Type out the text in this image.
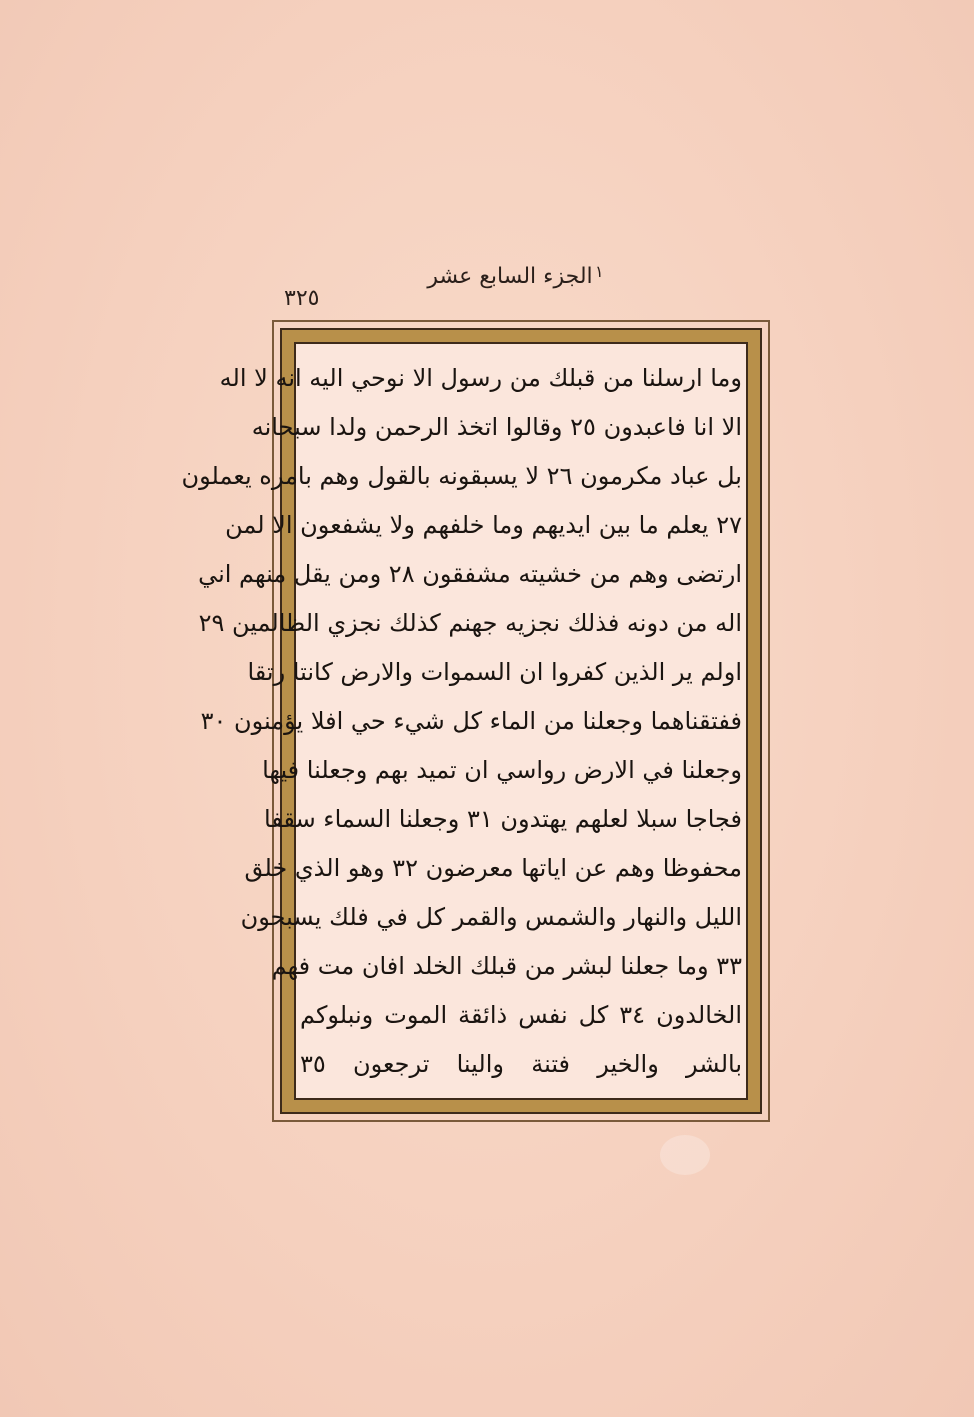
الجزء السابع عشر ١
٣٢٥
وما ارسلنا من قبلك من رسول الا نوحي اليه انه لا اله
الا انا فاعبدون ٢٥ وقالوا اتخذ الرحمن ولدا سبحانه
بل عباد مكرمون ٢٦ لا يسبقونه بالقول وهم بامره يعملون
٢٧ يعلم ما بين ايديهم وما خلفهم ولا يشفعون الا لمن
ارتضى وهم من خشيته مشفقون ٢٨ ومن يقل منهم اني
اله من دونه فذلك نجزيه جهنم كذلك نجزي الظالمين ٢٩
اولم ير الذين كفروا ان السموات والارض كانتا رتقا
ففتقناهما وجعلنا من الماء كل شيء حي افلا يؤمنون ٣٠
وجعلنا في الارض رواسي ان تميد بهم وجعلنا فيها
فجاجا سبلا لعلهم يهتدون ٣١ وجعلنا السماء سقفا
محفوظا وهم عن اياتها معرضون ٣٢ وهو الذي خلق
الليل والنهار والشمس والقمر كل في فلك يسبحون
٣٣ وما جعلنا لبشر من قبلك الخلد افان مت فهم
الخالدون ٣٤ كل نفس ذائقة الموت ونبلوكم
بالشر والخير فتنة والينا ترجعون ٣٥
